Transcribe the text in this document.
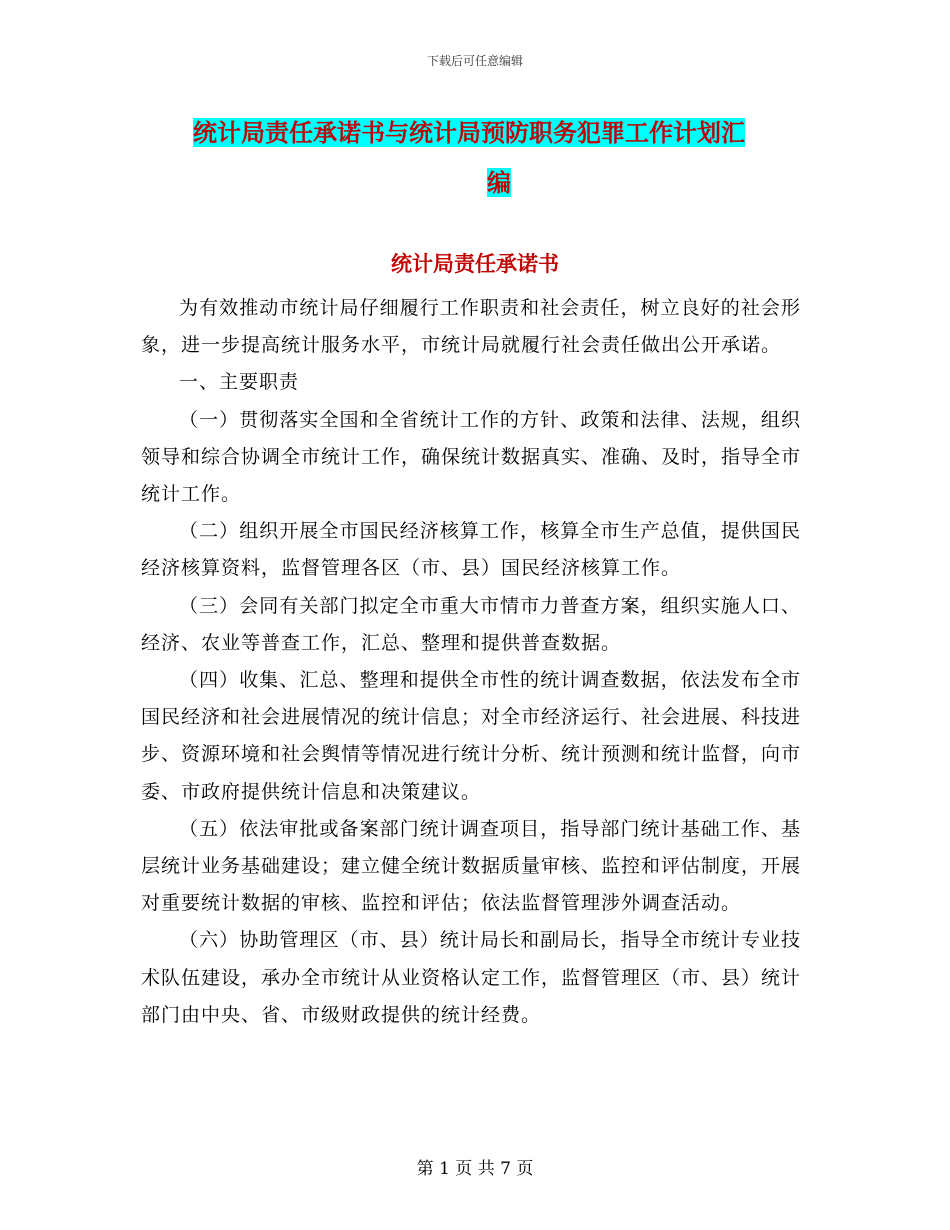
下载后可任意编辑
统计局责任承诺书与统计局预防职务犯罪工作计划汇
编
统计局责任承诺书

为有效推动市统计局仔细履行工作职责和社会责任，树立良好的社会形象，进一步提高统计服务水平，市统计局就履行社会责任做出公开承诺。

一、主要职责

（一）贯彻落实全国和全省统计工作的方针、政策和法律、法规，组织领导和综合协调全市统计工作，确保统计数据真实、准确、及时，指导全市统计工作。

（二）组织开展全市国民经济核算工作，核算全市生产总值，提供国民经济核算资料，监督管理各区（市、县）国民经济核算工作。

（三）会同有关部门拟定全市重大市情市力普查方案，组织实施人口、经济、农业等普查工作，汇总、整理和提供普查数据。

（四）收集、汇总、整理和提供全市性的统计调查数据，依法发布全市国民经济和社会进展情况的统计信息；对全市经济运行、社会进展、科技进步、资源环境和社会舆情等情况进行统计分析、统计预测和统计监督，向市委、市政府提供统计信息和决策建议。

（五）依法审批或备案部门统计调查项目，指导部门统计基础工作、基层统计业务基础建设；建立健全统计数据质量审核、监控和评估制度，开展对重要统计数据的审核、监控和评估；依法监督管理涉外调查活动。

（六）协助管理区（市、县）统计局长和副局长，指导全市统计专业技术队伍建设，承办全市统计从业资格认定工作，监督管理区（市、县）统计部门由中央、省、市级财政提供的统计经费。

第 1 页 共 7 页
